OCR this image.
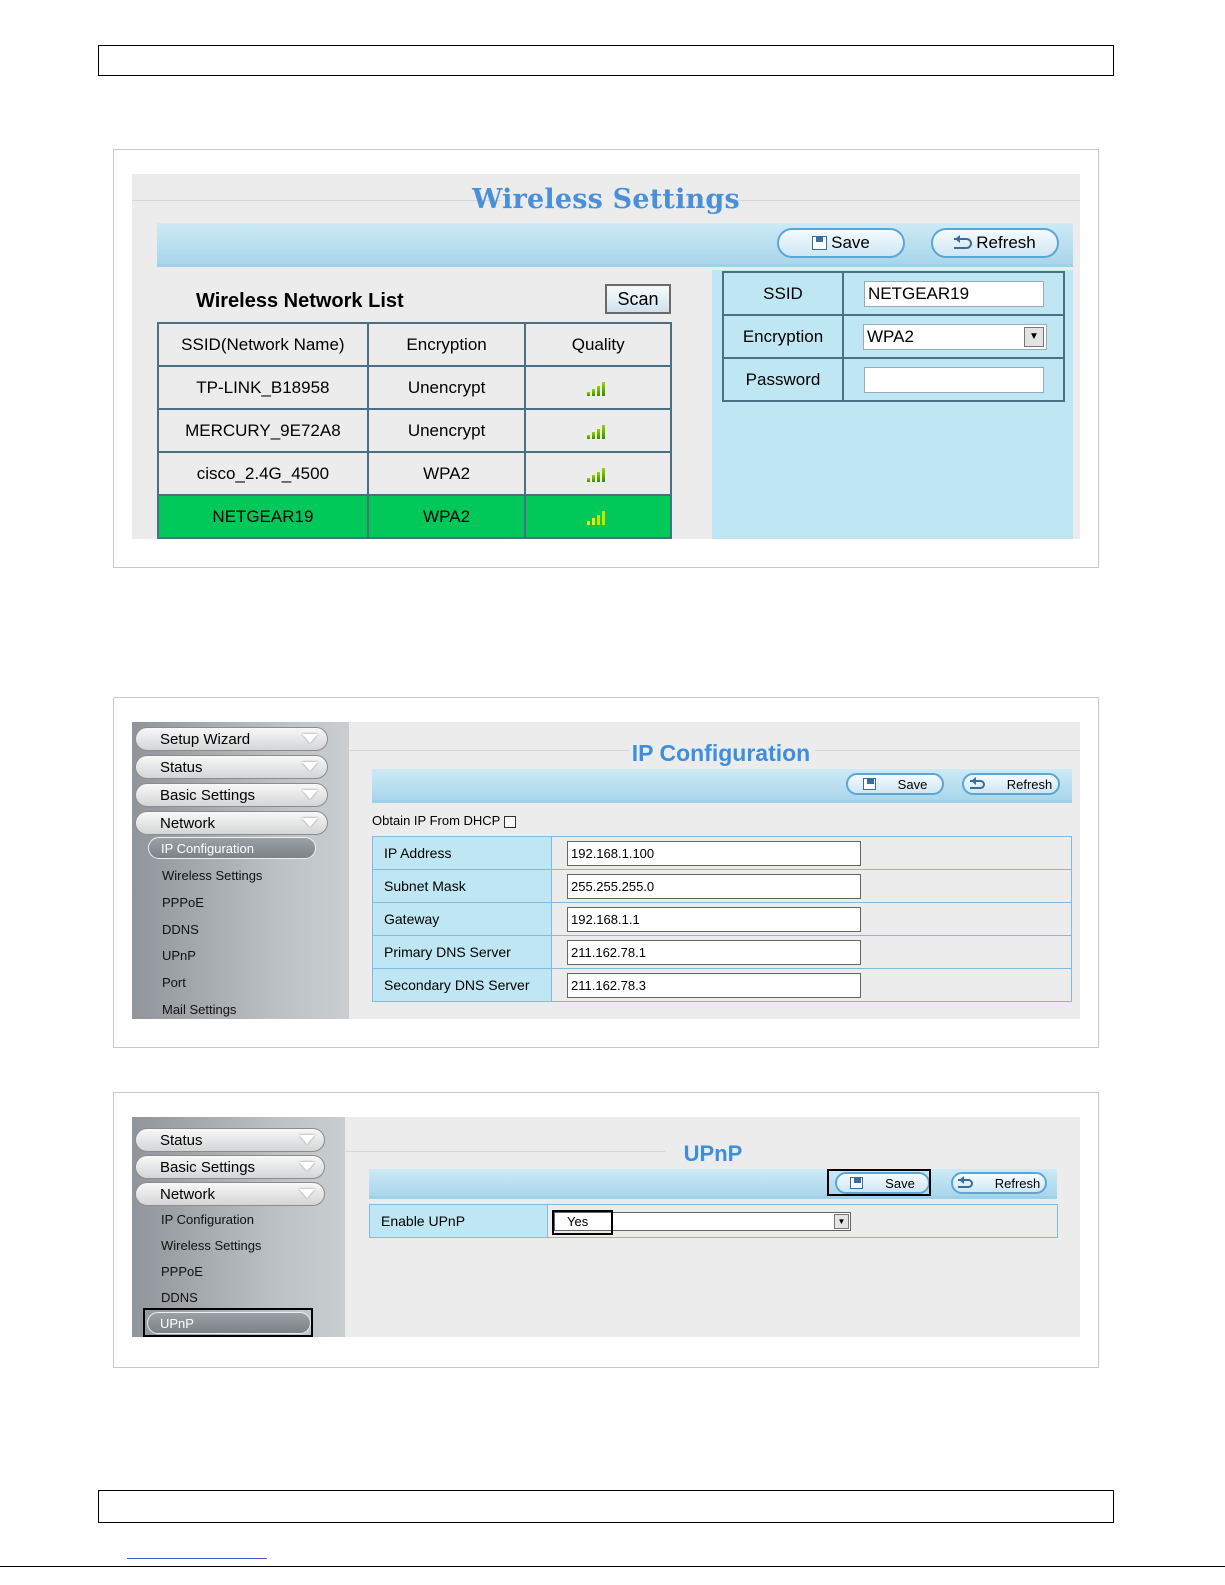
Wireless Settings
Save	Refresh
Wireless Network List	Scan
SSID(Network Name)	Encryption	Quality
TP-LINK_B18958	Unencrypt	

MERCURY_9E72A8	Unencrypt	

cisco_2.4G_4500	WPA2	

NETGEAR19	WPA2	

SSID	NETGEAR19

Encryption	WPA2 ▼

Password	
Setup Wizard
Status
Basic Settings
Network
IP Configuration
Wireless Settings
PPPoE
DDNS
UPnP
Port
Mail Settings
IP Configuration
Save	Refresh
Obtain IP From DHCP
IP Address	192.168.1.100

Subnet Mask	255.255.255.0

Gateway	192.168.1.1

Primary DNS Server	211.162.78.1

Secondary DNS Server	211.162.78.3
Status
Basic Settings
Network
IP Configuration
Wireless Settings
PPPoE
DDNS
UPnP
UPnP
Save	Refresh
Enable UPnP	Yes	▼
